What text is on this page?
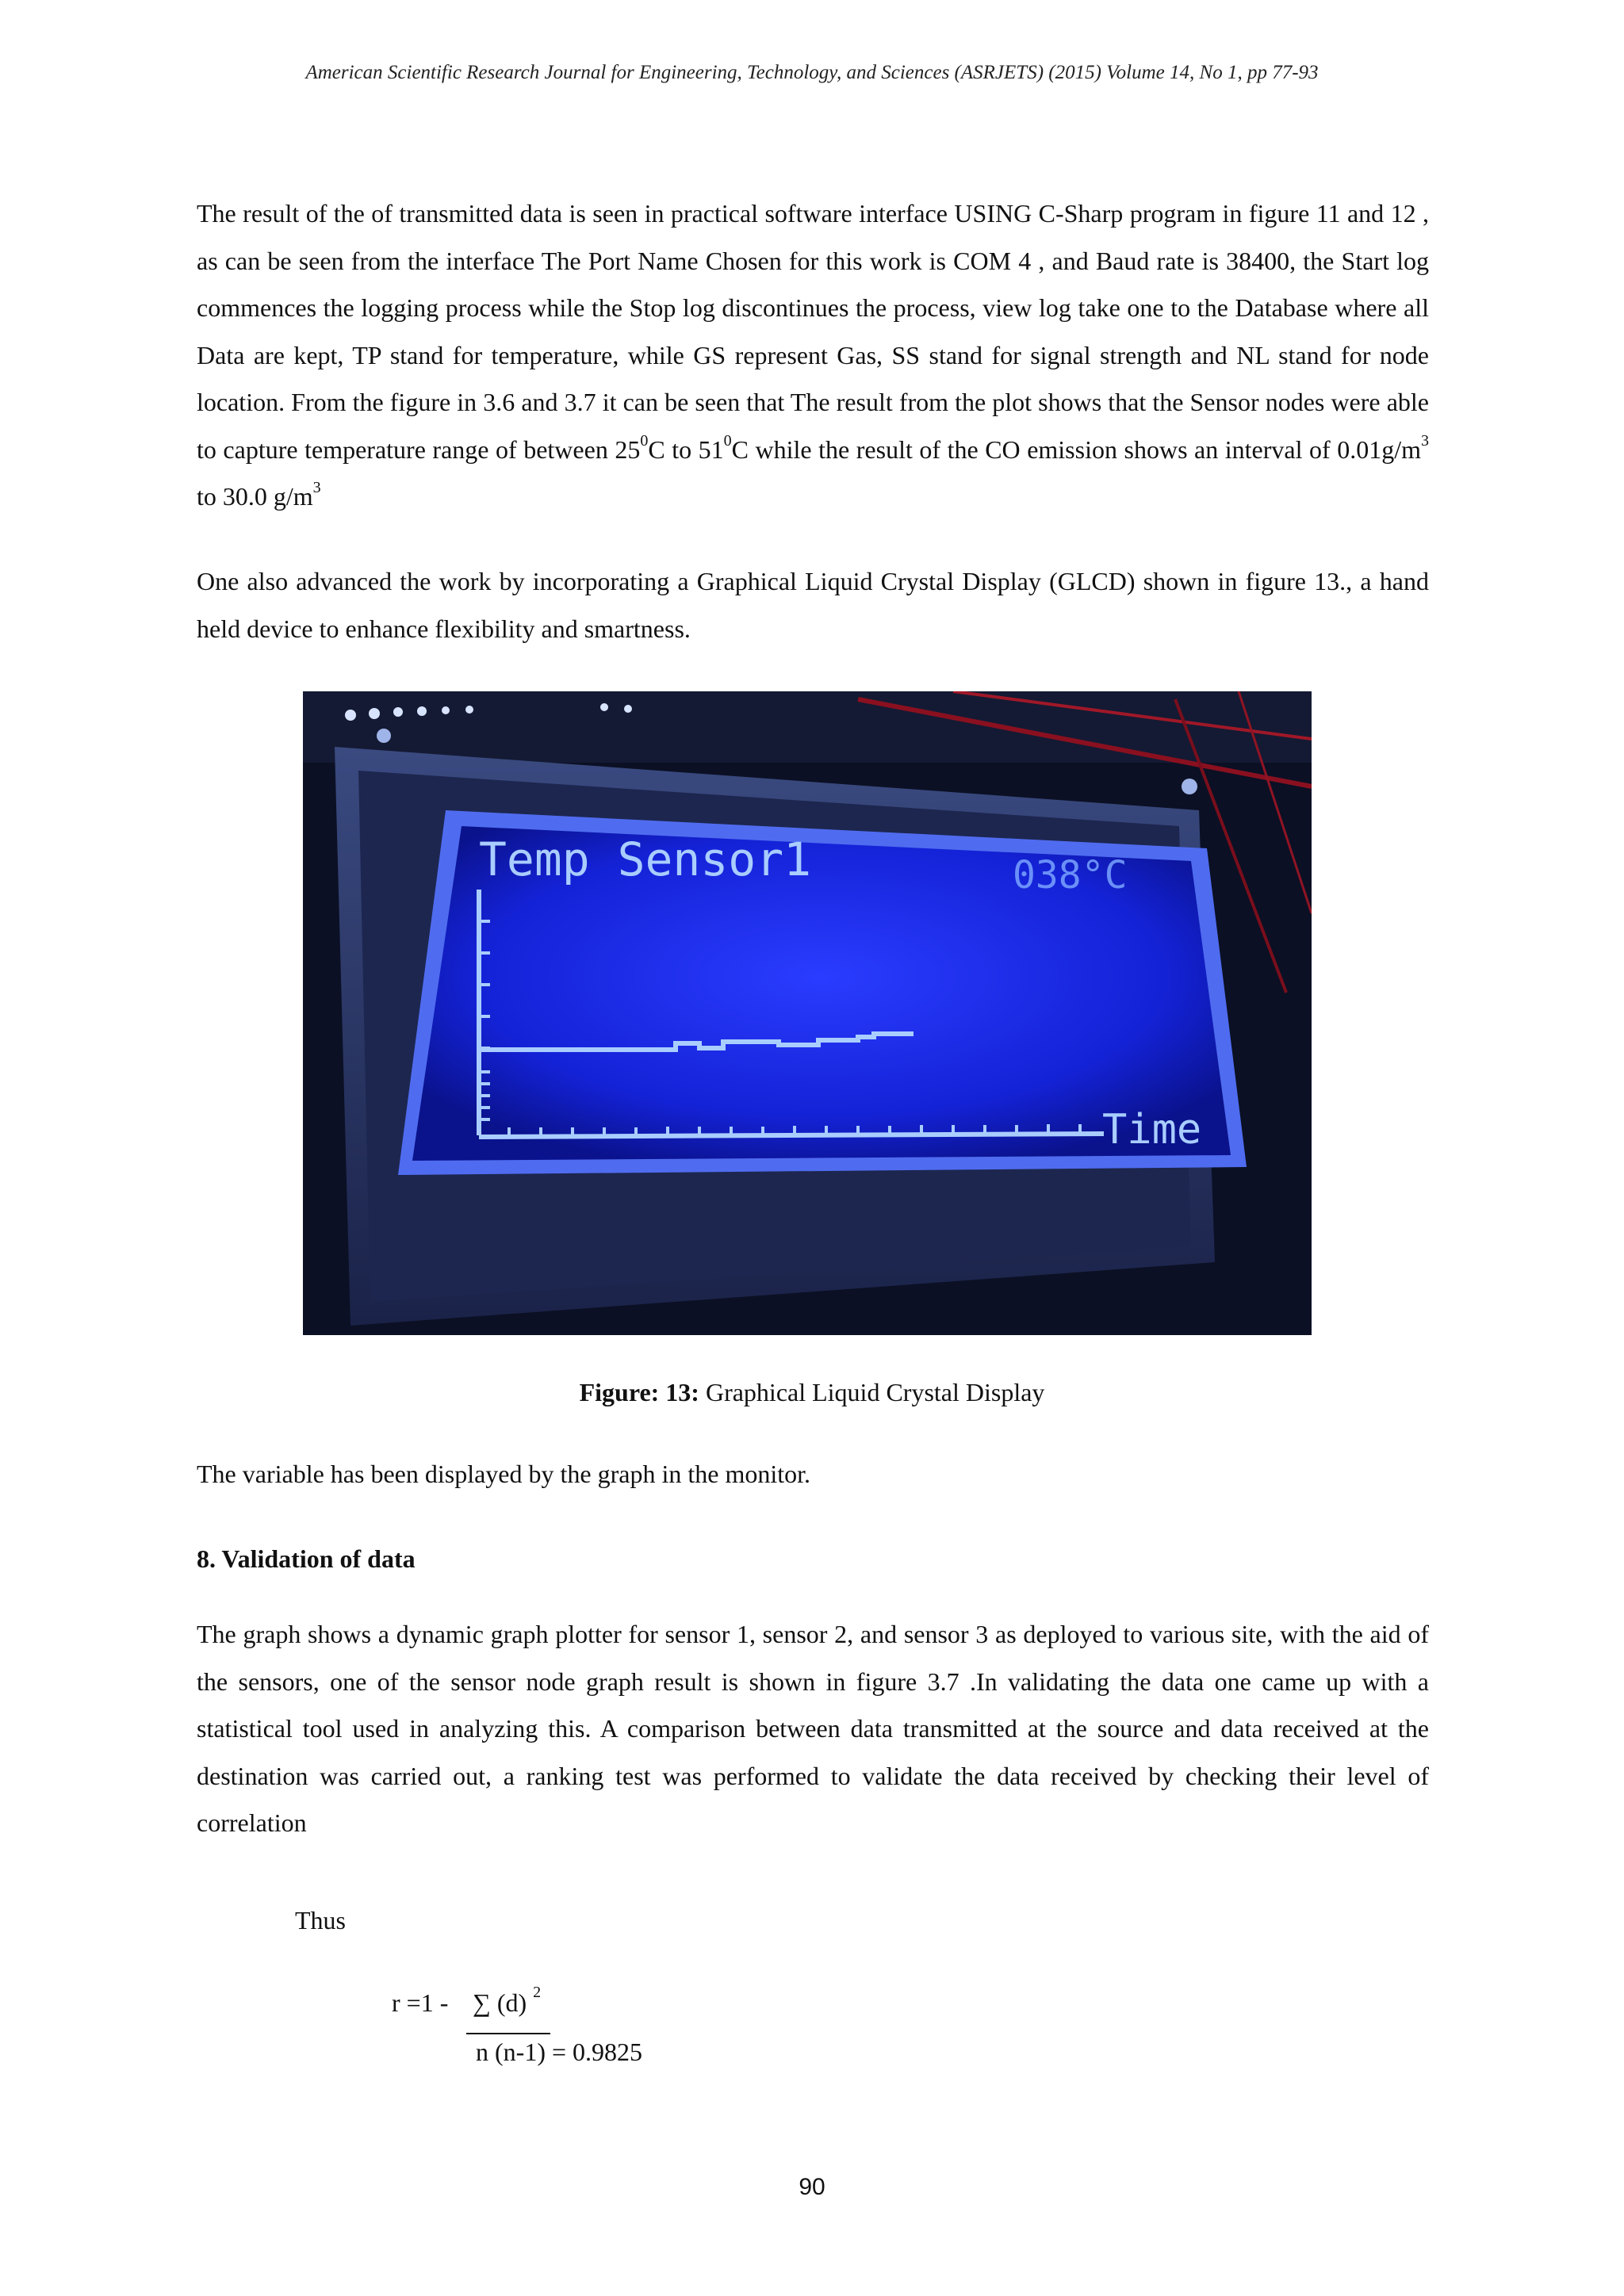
American Scientific Research Journal for Engineering, Technology, and Sciences (ASRJETS) (2015) Volume 14, No 1, pp 77-93

The result of the of transmitted data is seen in practical software interface USING C-Sharp program in figure 11 and 12 , as can be seen from the interface The Port Name Chosen for this work is COM 4 , and Baud rate is 38400, the Start log commences the logging process while the Stop log discontinues the process, view log take one to the Database where all Data are kept, TP stand for temperature, while GS represent Gas, SS stand for signal strength and NL stand for node location. From the figure in 3.6 and 3.7 it can be seen that The result from the plot shows that the Sensor nodes were able to capture temperature range of between $25^0C$ to $51^0C$ while the result of the CO emission shows an interval of $0.01g/m^3$ to 30.0 $g/m^3$

One also advanced the work by incorporating a Graphical Liquid Crystal Display (GLCD) shown in figure 13., a hand held device to enhance flexibility and smartness.

Temp Sensor1	038°C
Time
Figure: 13: Graphical Liquid Crystal Display

The variable has been displayed by the graph in the monitor.

8. Validation of data

The graph shows a dynamic graph plotter for sensor 1, sensor 2, and sensor 3 as deployed to various site, with the aid of the sensors, one of the sensor node graph result is shown in figure 3.7 .In validating the data one came up with a statistical tool used in analyzing this. A comparison between data transmitted at the source and data received at the destination was carried out, a ranking test was performed to validate the data received by checking their level of correlation

Thus
r =1 - ∑ (d) $^2$
n (n-1) = 0.9825
90
